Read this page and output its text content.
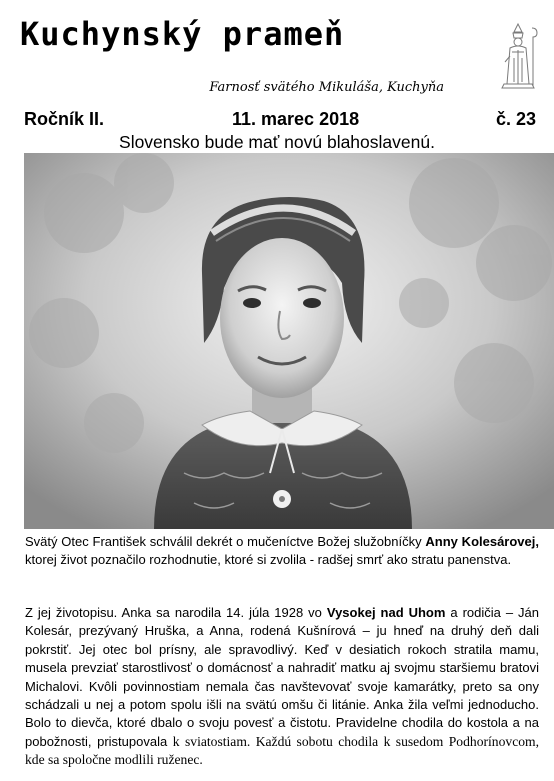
Kuchynský prameň
Farnosť svätého Mikuláša, Kuchyňa
Ročník II.	11. marec 2018	č. 23
Slovensko bude mať novú blahoslavenú.

Svätý Otec František schválil dekrét o mučeníctve Božej služobníčky Anny Kolesárovej, ktorej život poznačilo rozhodnutie, ktoré si zvolila - radšej smrť ako stratu panenstva.

Z jej životopisu. Anka sa narodila 14. júla 1928 vo Vysokej nad Uhom a rodičia – Ján Kolesár, prezývaný Hruška, a Anna, rodená Kušnírová – ju hneď na druhý deň dali pokrstiť. Jej otec bol prísny, ale spravodlivý. Keď v desiatich rokoch stratila mamu, musela prevziať starostlivosť o domácnosť a nahradiť matku aj svojmu staršiemu bratovi Michalovi. Kvôli povinnostiam nemala čas navštevovať svoje kamarátky, preto sa ony schádzali u nej a potom spolu išli na svätú omšu či litánie. Anka žila veľmi jednoducho. Bolo to dievča, ktoré dbalo o svoju povesť a čistotu. Pravidelne chodila do kostola a na pobožnosti, pristupovala k sviatostiam. Každú sobotu chodila k susedom Podhorínovcom, kde sa spoločne modlili ruženec.
